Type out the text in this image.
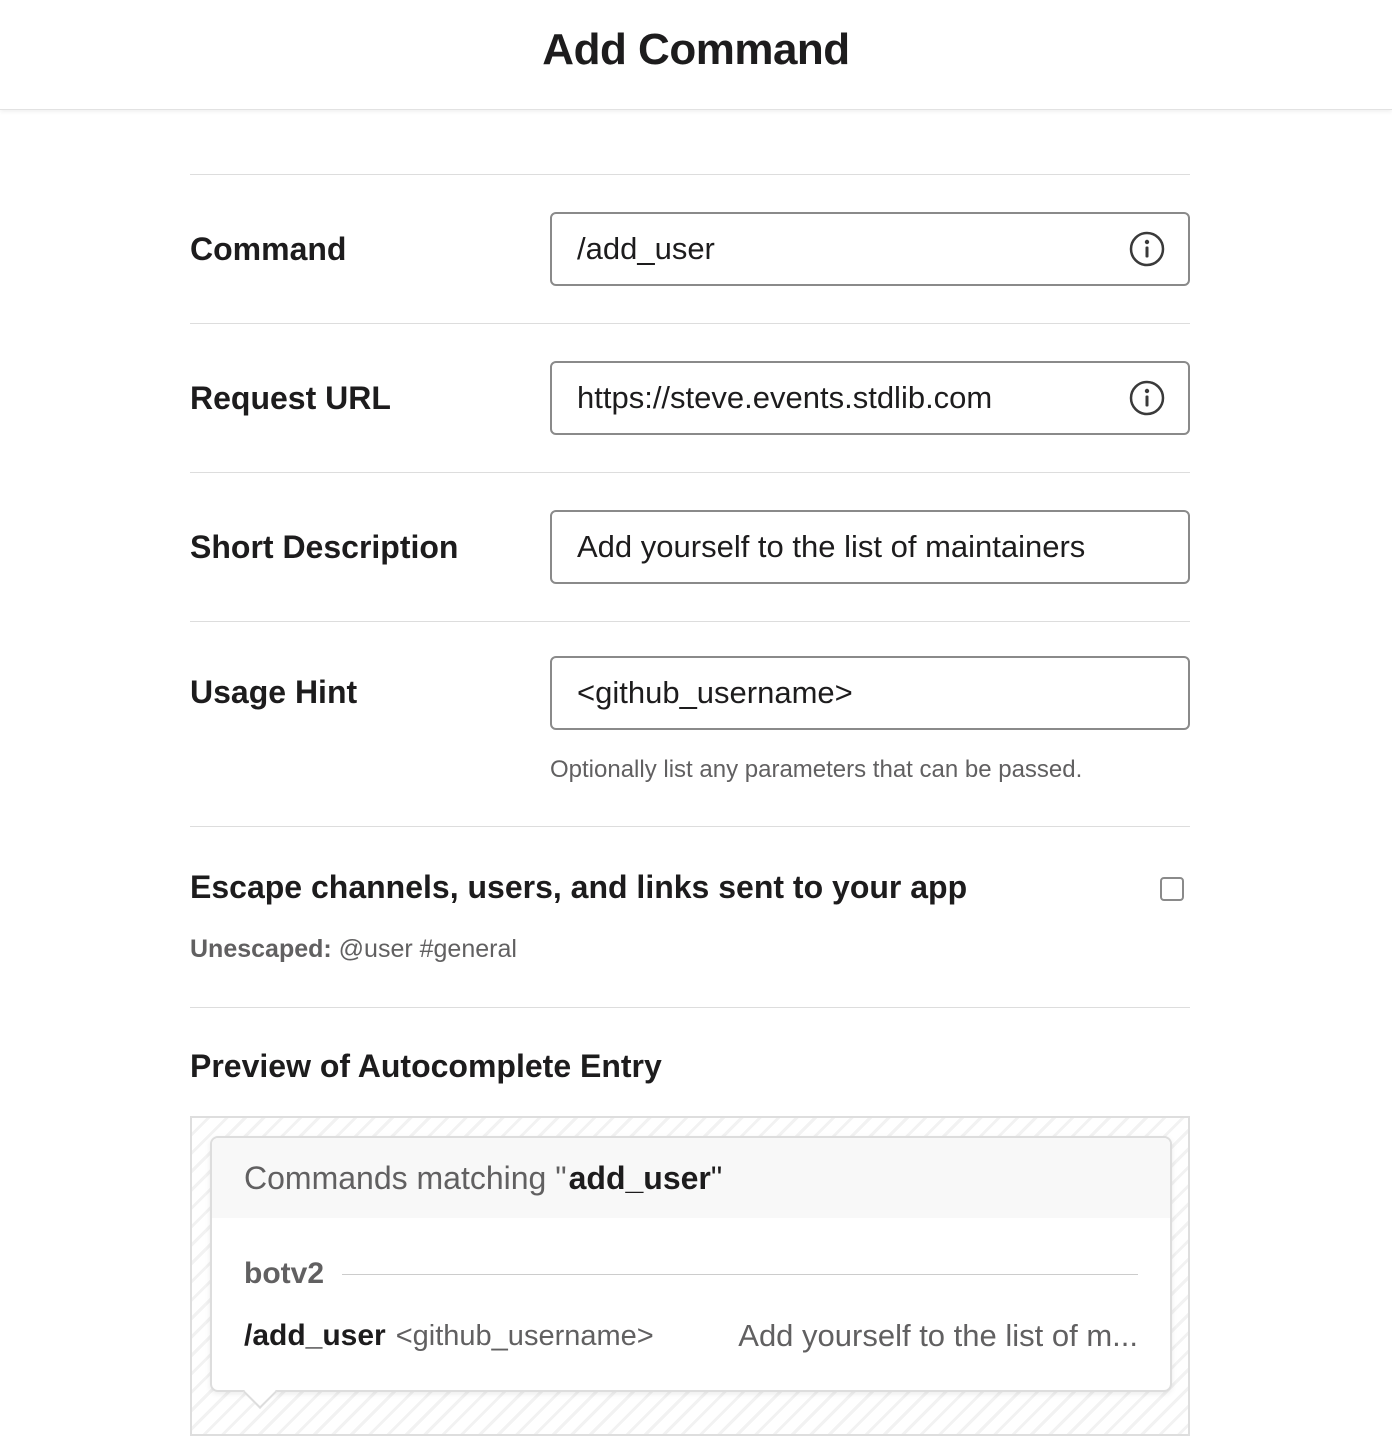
Add Command
Command
/add_user
Request URL
https://steve.events.stdlib.com
Short Description
Add yourself to the list of maintainers
Usage Hint
<github_username>
Optionally list any parameters that can be passed.
Escape channels, users, and links sent to your app
Unescaped: @user #general
Preview of Autocomplete Entry
Commands matching " add_user "
botv2
/add_user <github_username>	Add yourself to the list of m...
